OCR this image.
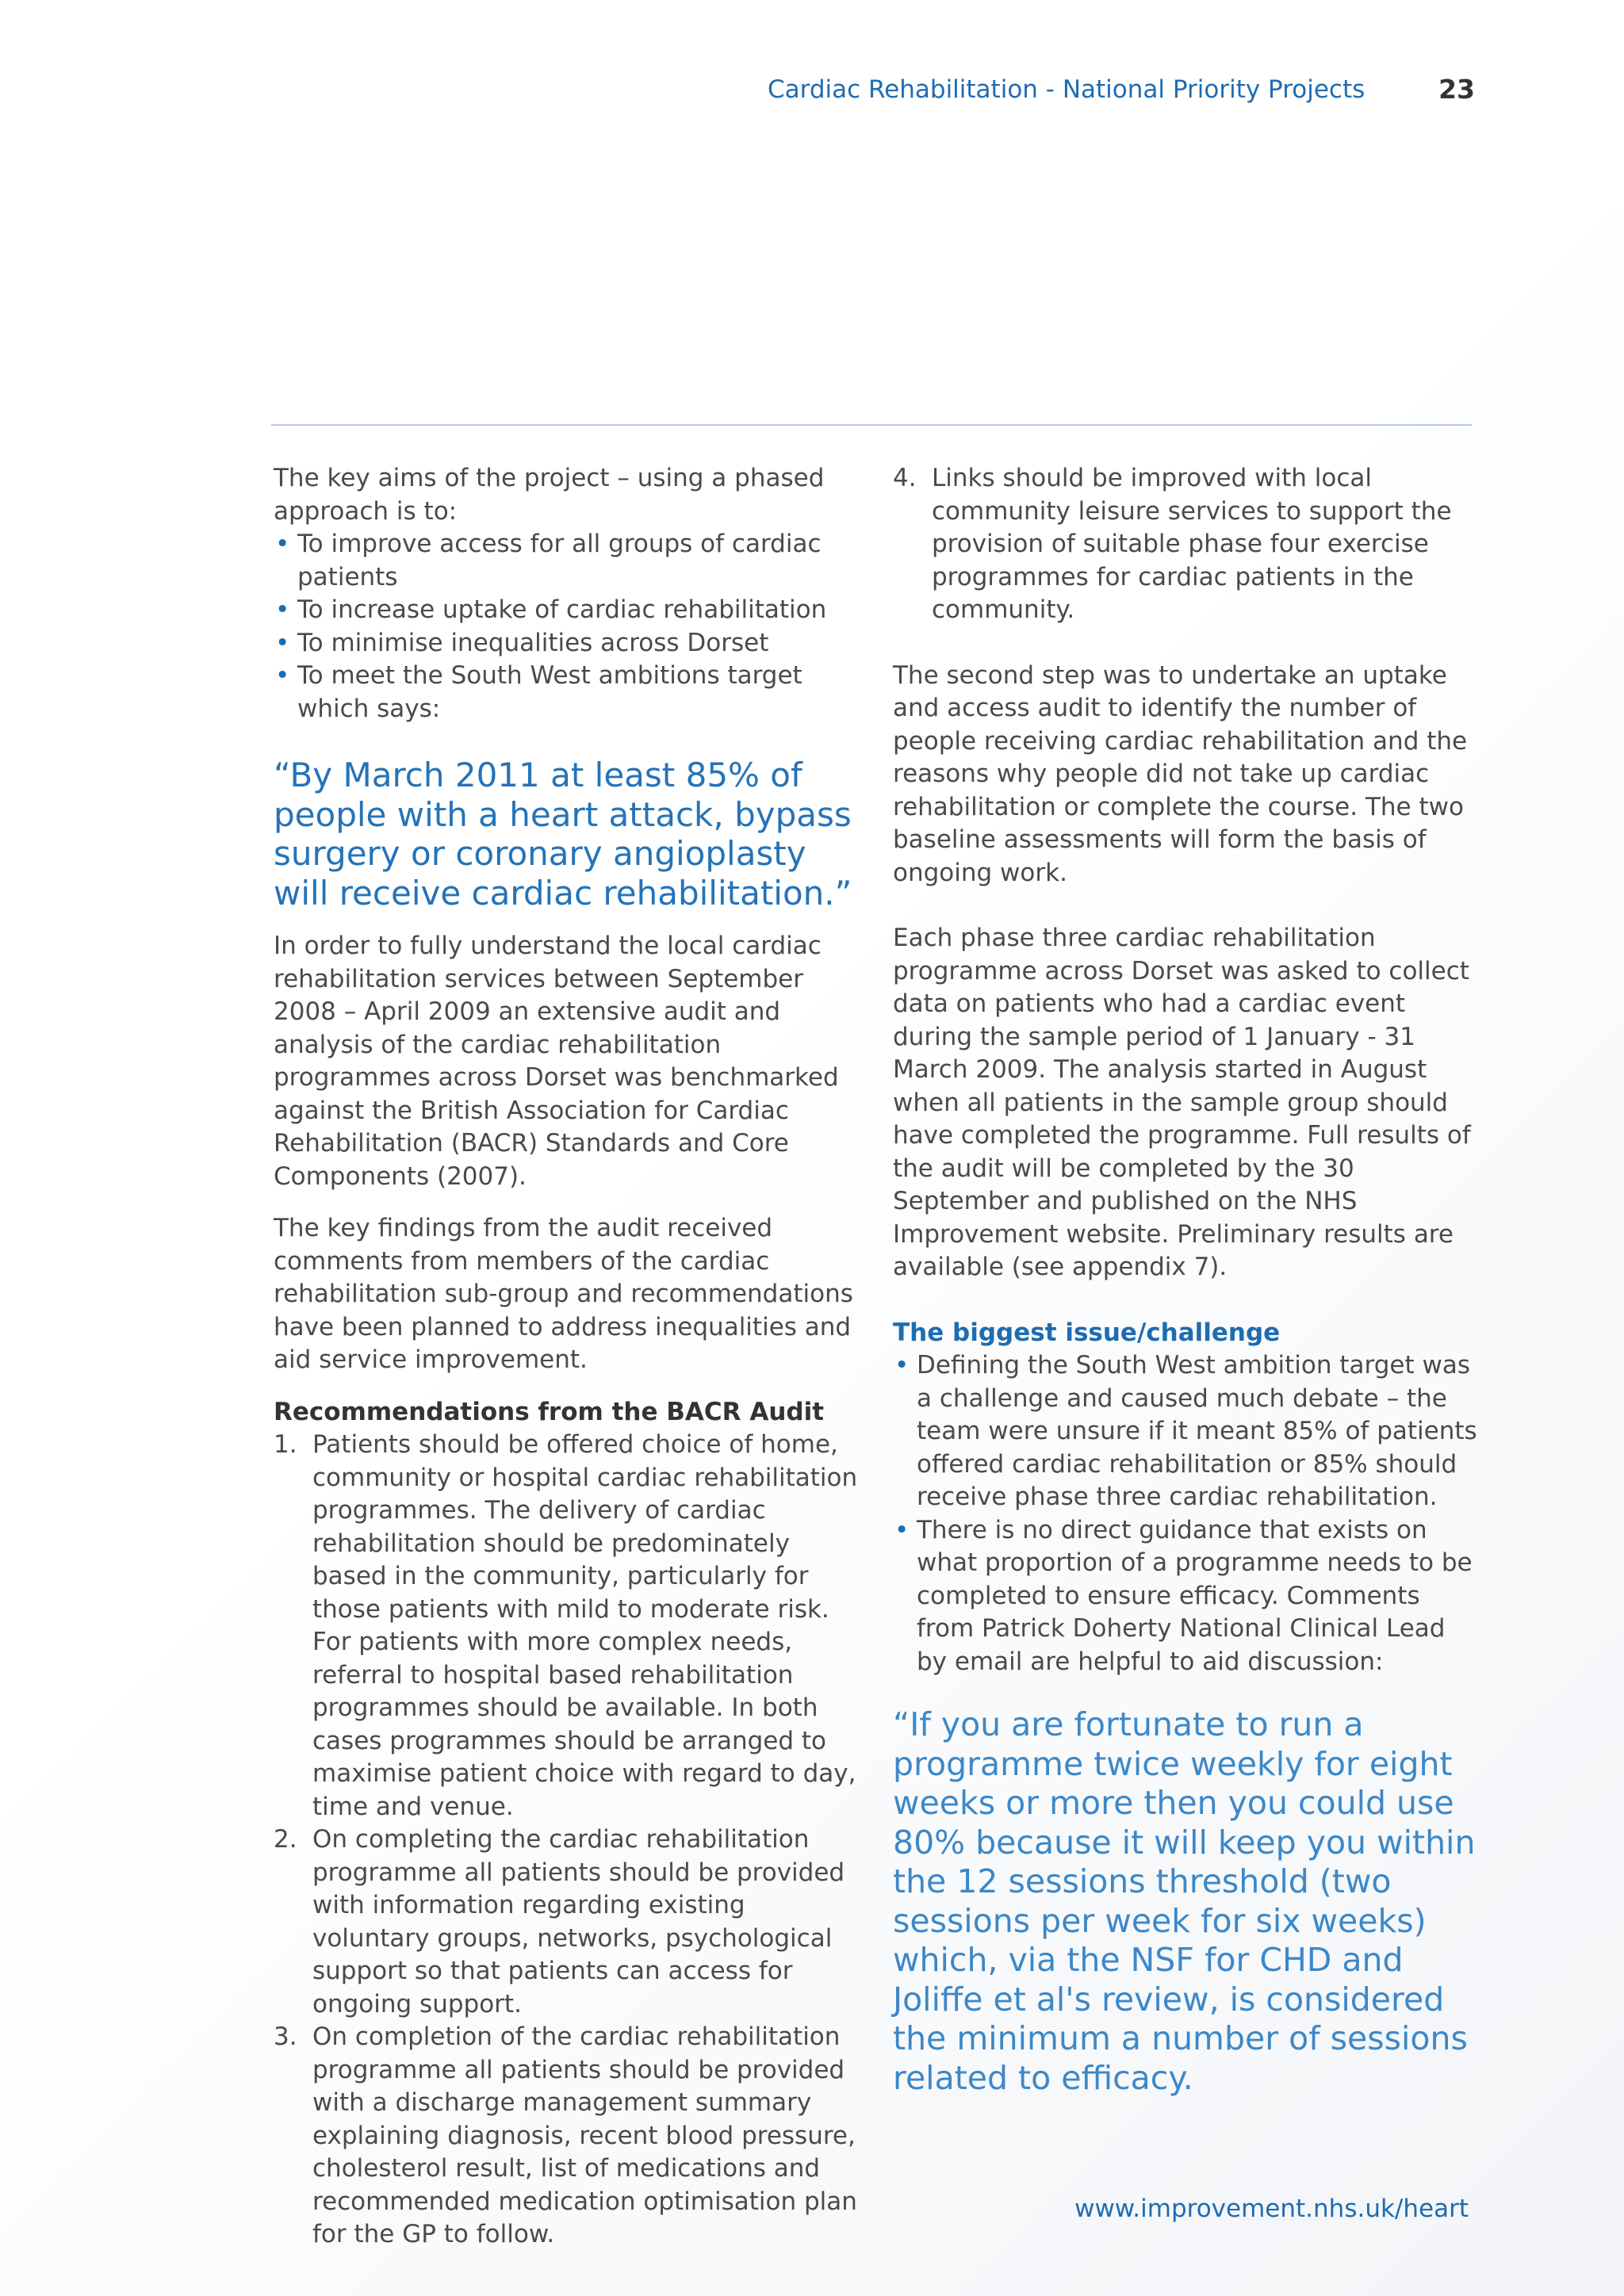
Cardiac Rehabilitation - National Priority Projects	23

The key aims of the project – using a phased approach is to:

• To improve access for all groups of cardiac patients
• To increase uptake of cardiac rehabilitation
• To minimise inequalities across Dorset
• To meet the South West ambitions target which says:

“By March 2011 at least 85% of people with a heart attack, bypass surgery or coronary angioplasty will receive cardiac rehabilitation.”

In order to fully understand the local cardiac rehabilitation services between September 2008 – April 2009 an extensive audit and analysis of the cardiac rehabilitation programmes across Dorset was benchmarked against the British Association for Cardiac Rehabilitation (BACR) Standards and Core Components (2007).

The key findings from the audit received comments from members of the cardiac rehabilitation sub-group and recommendations have been planned to address inequalities and aid service improvement.

Recommendations from the BACR Audit

1. Patients should be offered choice of home, community or hospital cardiac rehabilitation programmes. The delivery of cardiac rehabilitation should be predominately based in the community, particularly for those patients with mild to moderate risk. For patients with more complex needs, referral to hospital based rehabilitation programmes should be available. In both cases programmes should be arranged to maximise patient choice with regard to day, time and venue.
2. On completing the cardiac rehabilitation programme all patients should be provided with information regarding existing voluntary groups, networks, psychological support so that patients can access for ongoing support.
3. On completion of the cardiac rehabilitation programme all patients should be provided with a discharge management summary explaining diagnosis, recent blood pressure, cholesterol result, list of medications and recommended medication optimisation plan for the GP to follow.
4. Links should be improved with local community leisure services to support the provision of suitable phase four exercise programmes for cardiac patients in the community.

The second step was to undertake an uptake and access audit to identify the number of people receiving cardiac rehabilitation and the reasons why people did not take up cardiac rehabilitation or complete the course. The two baseline assessments will form the basis of ongoing work.

Each phase three cardiac rehabilitation programme across Dorset was asked to collect data on patients who had a cardiac event during the sample period of 1 January - 31 March 2009. The analysis started in August when all patients in the sample group should have completed the programme. Full results of the audit will be completed by the 30 September and published on the NHS Improvement website. Preliminary results are available (see appendix 7).

The biggest issue/challenge

• Defining the South West ambition target was a challenge and caused much debate – the team were unsure if it meant 85% of patients offered cardiac rehabilitation or 85% should receive phase three cardiac rehabilitation.
• There is no direct guidance that exists on what proportion of a programme needs to be completed to ensure efficacy. Comments from Patrick Doherty National Clinical Lead by email are helpful to aid discussion:

“If you are fortunate to run a programme twice weekly for eight weeks or more then you could use 80% because it will keep you within the 12 sessions threshold (two sessions per week for six weeks) which, via the NSF for CHD and Joliffe et al's review, is considered the minimum a number of sessions related to efficacy.

www.improvement.nhs.uk/heart
